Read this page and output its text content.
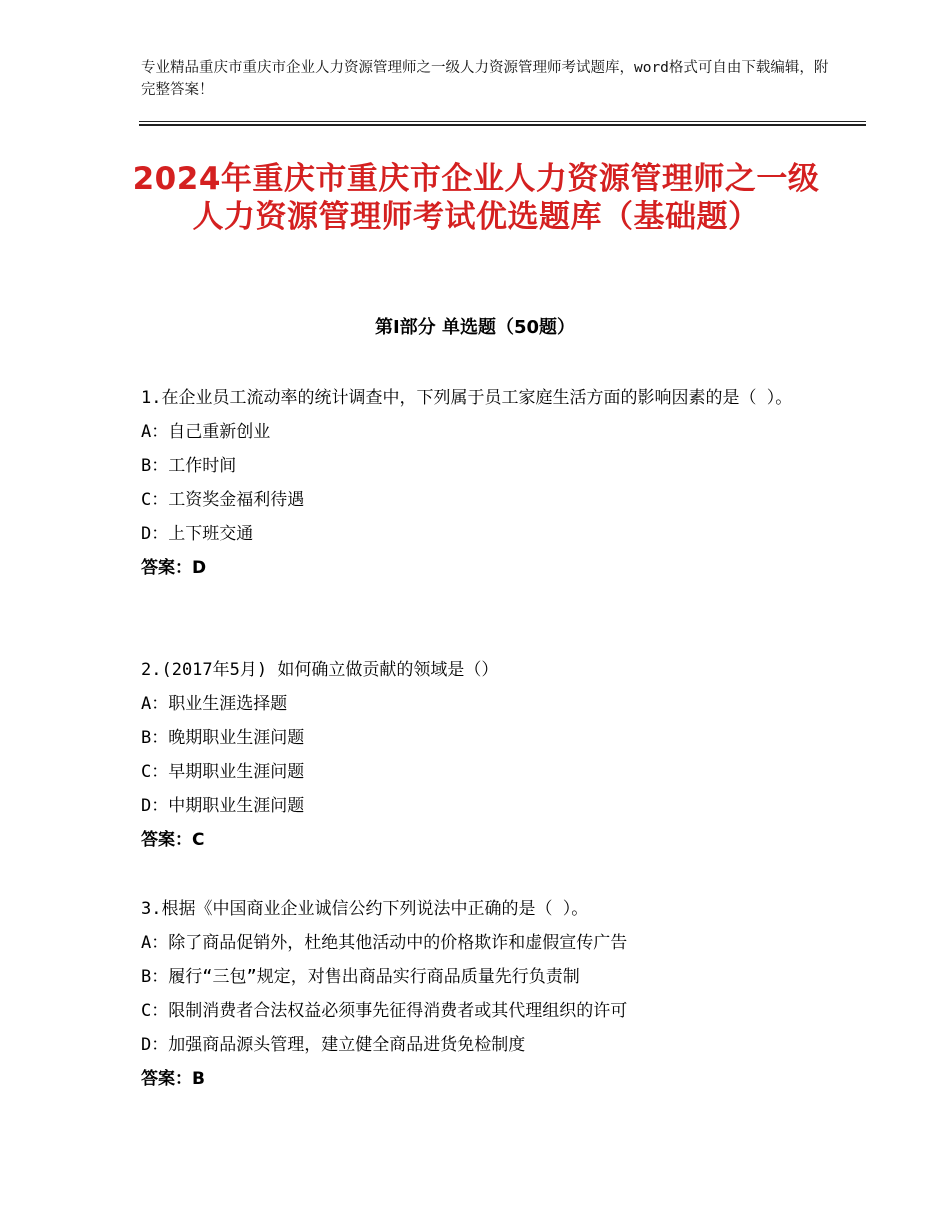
专业精品重庆市重庆市企业人力资源管理师之一级人力资源管理师考试题库，word格式可自由下载编辑，附完整答案！
2024年重庆市重庆市企业人力资源管理师之一级人力资源管理师考试优选题库（基础题）
第Ⅰ部分 单选题（50题）
1.在企业员工流动率的统计调查中，下列属于员工家庭生活方面的影响因素的是（ ）。
A：自己重新创业
B：工作时间
C：工资奖金福利待遇
D：上下班交通
答案：D
2.(2017年5月) 如何确立做贡献的领域是（）
A：职业生涯选择题
B：晚期职业生涯问题
C：早期职业生涯问题
D：中期职业生涯问题
答案：C
3.根据《中国商业企业诚信公约下列说法中正确的是（ ）。
A：除了商品促销外，杜绝其他活动中的价格欺诈和虚假宣传广告
B：履行“三包”规定，对售出商品实行商品质量先行负责制
C：限制消费者合法权益必须事先征得消费者或其代理组织的许可
D：加强商品源头管理，建立健全商品进货免检制度
答案：B
